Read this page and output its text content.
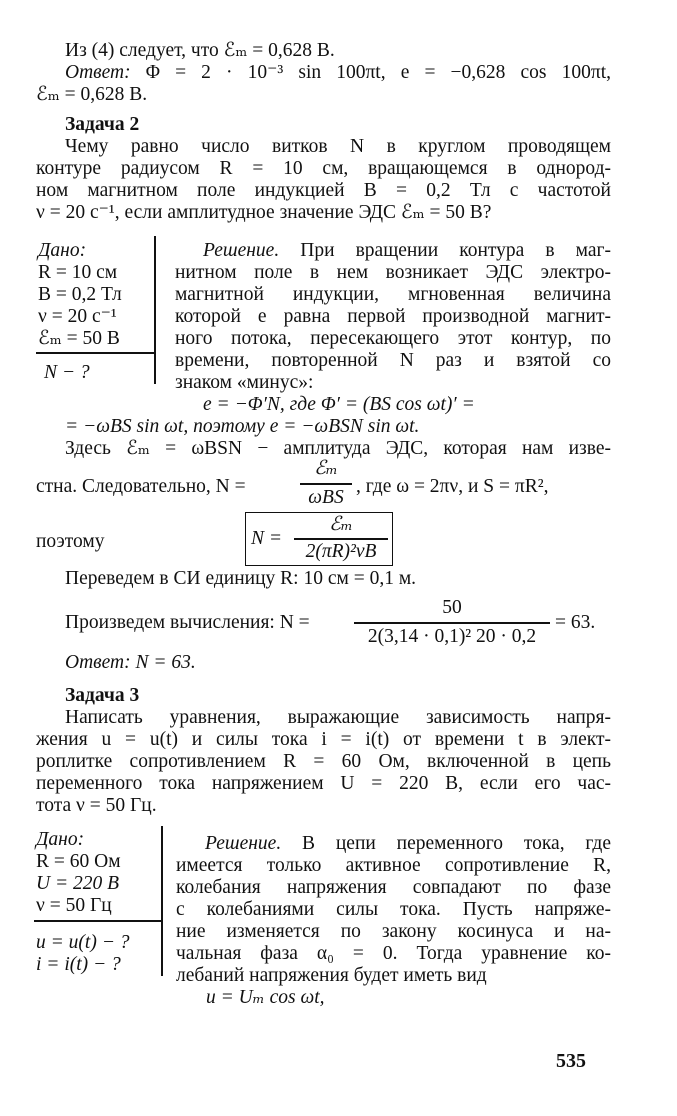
Из (4) следует, что ℰₘ = 0,628 В.
Ответ: Φ = 2 · 10⁻³ sin 100πt, e = −0,628 cos 100πt,
ℰₘ = 0,628 В.
Задача 2
Чему равно число витков N в круглом проводящем
контуре радиусом R = 10 см, вращающемся в однород-
ном магнитном поле индукцией B = 0,2 Тл с частотой
ν = 20 с⁻¹, если амплитудное значение ЭДС ℰₘ = 50 В?
Дано:
R = 10 см
B = 0,2 Тл
ν = 20 с⁻¹
ℰₘ = 50 В
N − ?
Решение. При вращении контура в маг-
нитном поле в нем возникает ЭДС электро-
магнитной индукции, мгновенная величина
которой e равна первой производной магнит-
ного потока, пересекающего этот контур, по
времени, повторенной N раз и взятой со
знаком «минус»:
e = −Φ′N, где Φ′ = (BS cos ωt)′ =
= −ωBS sin ωt, поэтому e = −ωBSN sin ωt.
Здесь ℰₘ = ωBSN − амплитуда ЭДС, которая нам изве-
стна. Следовательно, N =
ℰₘ
ωBS
, где ω = 2πν, и S = πR²,
поэтому	N =
ℰₘ
2(πR)²νB
Переведем в СИ единицу R: 10 см = 0,1 м.
Произведем вычисления: N =
50
2(3,14 · 0,1)² 20 · 0,2
= 63.
Ответ: N = 63.
Задача 3
Написать уравнения, выражающие зависимость напря-
жения u = u(t) и силы тока i = i(t) от времени t в элект-
роплитке сопротивлением R = 60 Ом, включенной в цепь
переменного тока напряжением U = 220 В, если его час-
тота ν = 50 Гц.
Дано:
R = 60 Ом
U = 220 В
ν = 50 Гц
u = u(t) − ?
i = i(t) − ?
Решение. В цепи переменного тока, где
имеется только активное сопротивление R,
колебания напряжения совпадают по фазе
с колебаниями силы тока. Пусть напряже-
ние изменяется по закону косинуса и на-
чальная фаза α₀ = 0. Тогда уравнение ко-
лебаний напряжения будет иметь вид
u = Uₘ cos ωt,
535
